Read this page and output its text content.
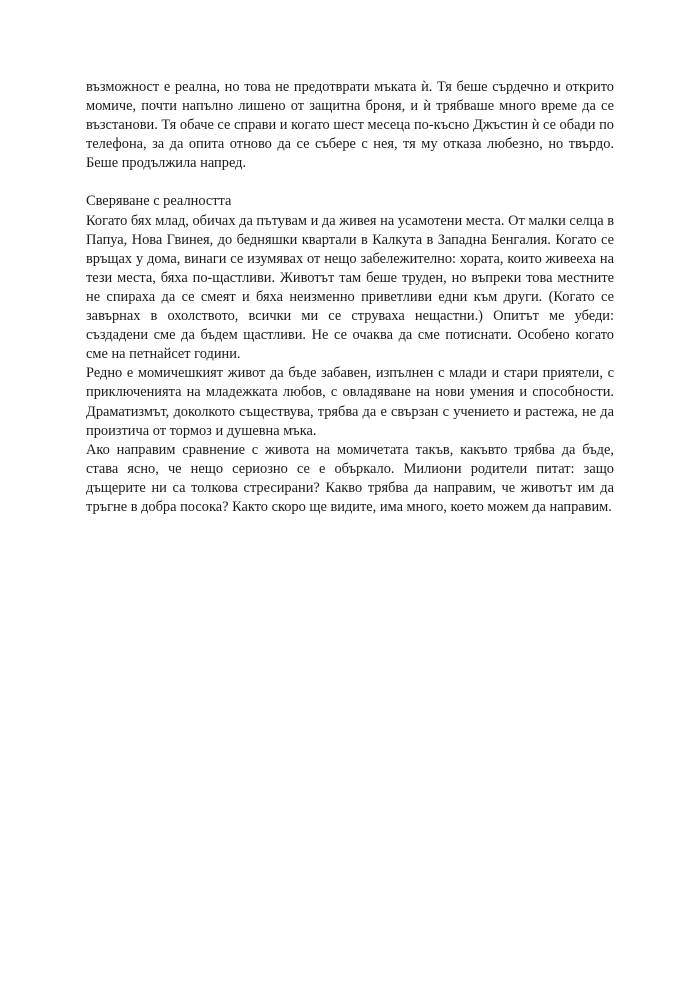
възможност е реална, но това не предотврати мъката ѝ. Тя беше сърдечно и открито момиче, почти напълно лишено от защитна броня, и ѝ трябваше много време да се възстанови. Тя обаче се справи и когато шест месеца по-късно Джъстин ѝ се обади по телефона, за да опита отново да се събере с нея, тя му отказа любезно, но твърдо. Беше продължила напред.

Сверяване с реалността

Когато бях млад, обичах да пътувам и да живея на усамотени места. От малки селца в Папуа, Нова Гвинея, до бедняшки квартали в Калкута в Западна Бенгалия. Когато се връщах у дома, винаги се изумявах от нещо забележително: хората, които живееха на тези места, бяха по-щастливи. Животът там беше труден, но въпреки това местните не спираха да се смеят и бяха неизменно приветливи едни към други. (Когато се завърнах в охолството, всички ми се струваха нещастни.) Опитът ме убеди: създадени сме да бъдем щастливи. Не се очаква да сме потиснати. Особено когато сме на петнайсет години.

Редно е момичешкият живот да бъде забавен, изпълнен с млади и стари приятели, с приключенията на младежката любов, с овладяване на нови умения и способности. Драматизмът, доколкото съществува, трябва да е свързан с учението и растежа, не да произтича от тормоз и душевна мъка.

Ако направим сравнение с живота на момичетата такъв, какъвто трябва да бъде, става ясно, че нещо сериозно се е объркало. Милиони родители питат: защо дъщерите ни са толкова стресирани? Какво трябва да направим, че животът им да тръгне в добра посока? Както скоро ще видите, има много, което можем да направим.
